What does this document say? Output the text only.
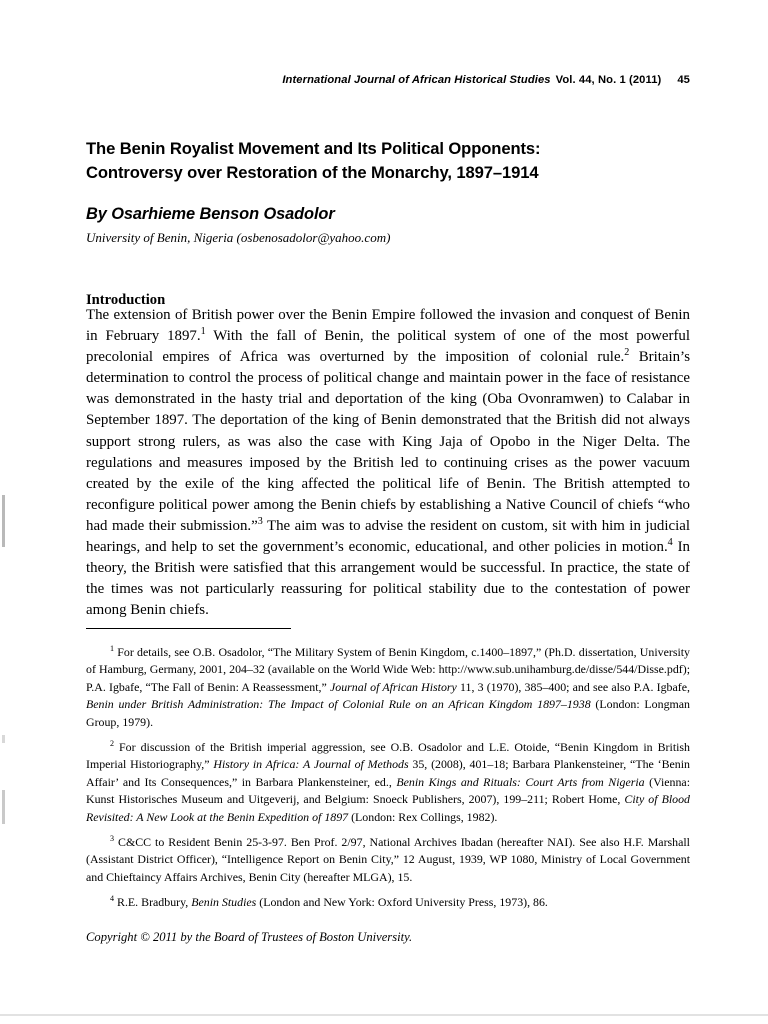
International Journal of African Historical Studies Vol. 44, No. 1 (2011) 45
The Benin Royalist Movement and Its Political Opponents:
Controversy over Restoration of the Monarchy, 1897–1914
By Osarhieme Benson Osadolor
University of Benin, Nigeria (osbenosadolor@yahoo.com)
Introduction
The extension of British power over the Benin Empire followed the invasion and conquest of Benin in February 1897.$^1$ With the fall of Benin, the political system of one of the most powerful precolonial empires of Africa was overturned by the imposition of colonial rule.$^2$ Britain’s determination to control the process of political change and maintain power in the face of resistance was demonstrated in the hasty trial and deportation of the king (Oba Ovonramwen) to Calabar in September 1897. The deportation of the king of Benin demonstrated that the British did not always support strong rulers, as was also the case with King Jaja of Opobo in the Niger Delta. The regulations and measures imposed by the British led to continuing crises as the power vacuum created by the exile of the king affected the political life of Benin. The British attempted to reconfigure political power among the Benin chiefs by establishing a Native Council of chiefs “who had made their submission.”$^3$ The aim was to advise the resident on custom, sit with him in judicial hearings, and help to set the government’s economic, educational, and other policies in motion.$^4$ In theory, the British were satisfied that this arrangement would be successful. In practice, the state of the times was not particularly reassuring for political stability due to the contestation of power among Benin chiefs.

$^1$ For details, see O.B. Osadolor, “The Military System of Benin Kingdom, c.1400–1897,” (Ph.D. dissertation, University of Hamburg, Germany, 2001, 204–32 (available on the World Wide Web: http://www.sub.unihamburg.de/disse/544/Disse.pdf); P.A. Igbafe, “The Fall of Benin: A Reassessment,” Journal of African History 11, 3 (1970), 385–400; and see also P.A. Igbafe, Benin under British Administration: The Impact of Colonial Rule on an African Kingdom 1897–1938 (London: Longman Group, 1979).

$^2$ For discussion of the British imperial aggression, see O.B. Osadolor and L.E. Otoide, “Benin Kingdom in British Imperial Historiography,” History in Africa: A Journal of Methods 35, (2008), 401–18; Barbara Plankensteiner, “The ‘Benin Affair’ and Its Consequences,” in Barbara Plankensteiner, ed., Benin Kings and Rituals: Court Arts from Nigeria (Vienna: Kunst Historisches Museum and Uitgeverij, and Belgium: Snoeck Publishers, 2007), 199–211; Robert Home, City of Blood Revisited: A New Look at the Benin Expedition of 1897 (London: Rex Collings, 1982).

$^3$ C&CC to Resident Benin 25-3-97. Ben Prof. 2/97, National Archives Ibadan (hereafter NAI). See also H.F. Marshall (Assistant District Officer), “Intelligence Report on Benin City,” 12 August, 1939, WP 1080, Ministry of Local Government and Chieftaincy Affairs Archives, Benin City (hereafter MLGA), 15.

$^4$ R.E. Bradbury, Benin Studies (London and New York: Oxford University Press, 1973), 86.

Copyright © 2011 by the Board of Trustees of Boston University.
